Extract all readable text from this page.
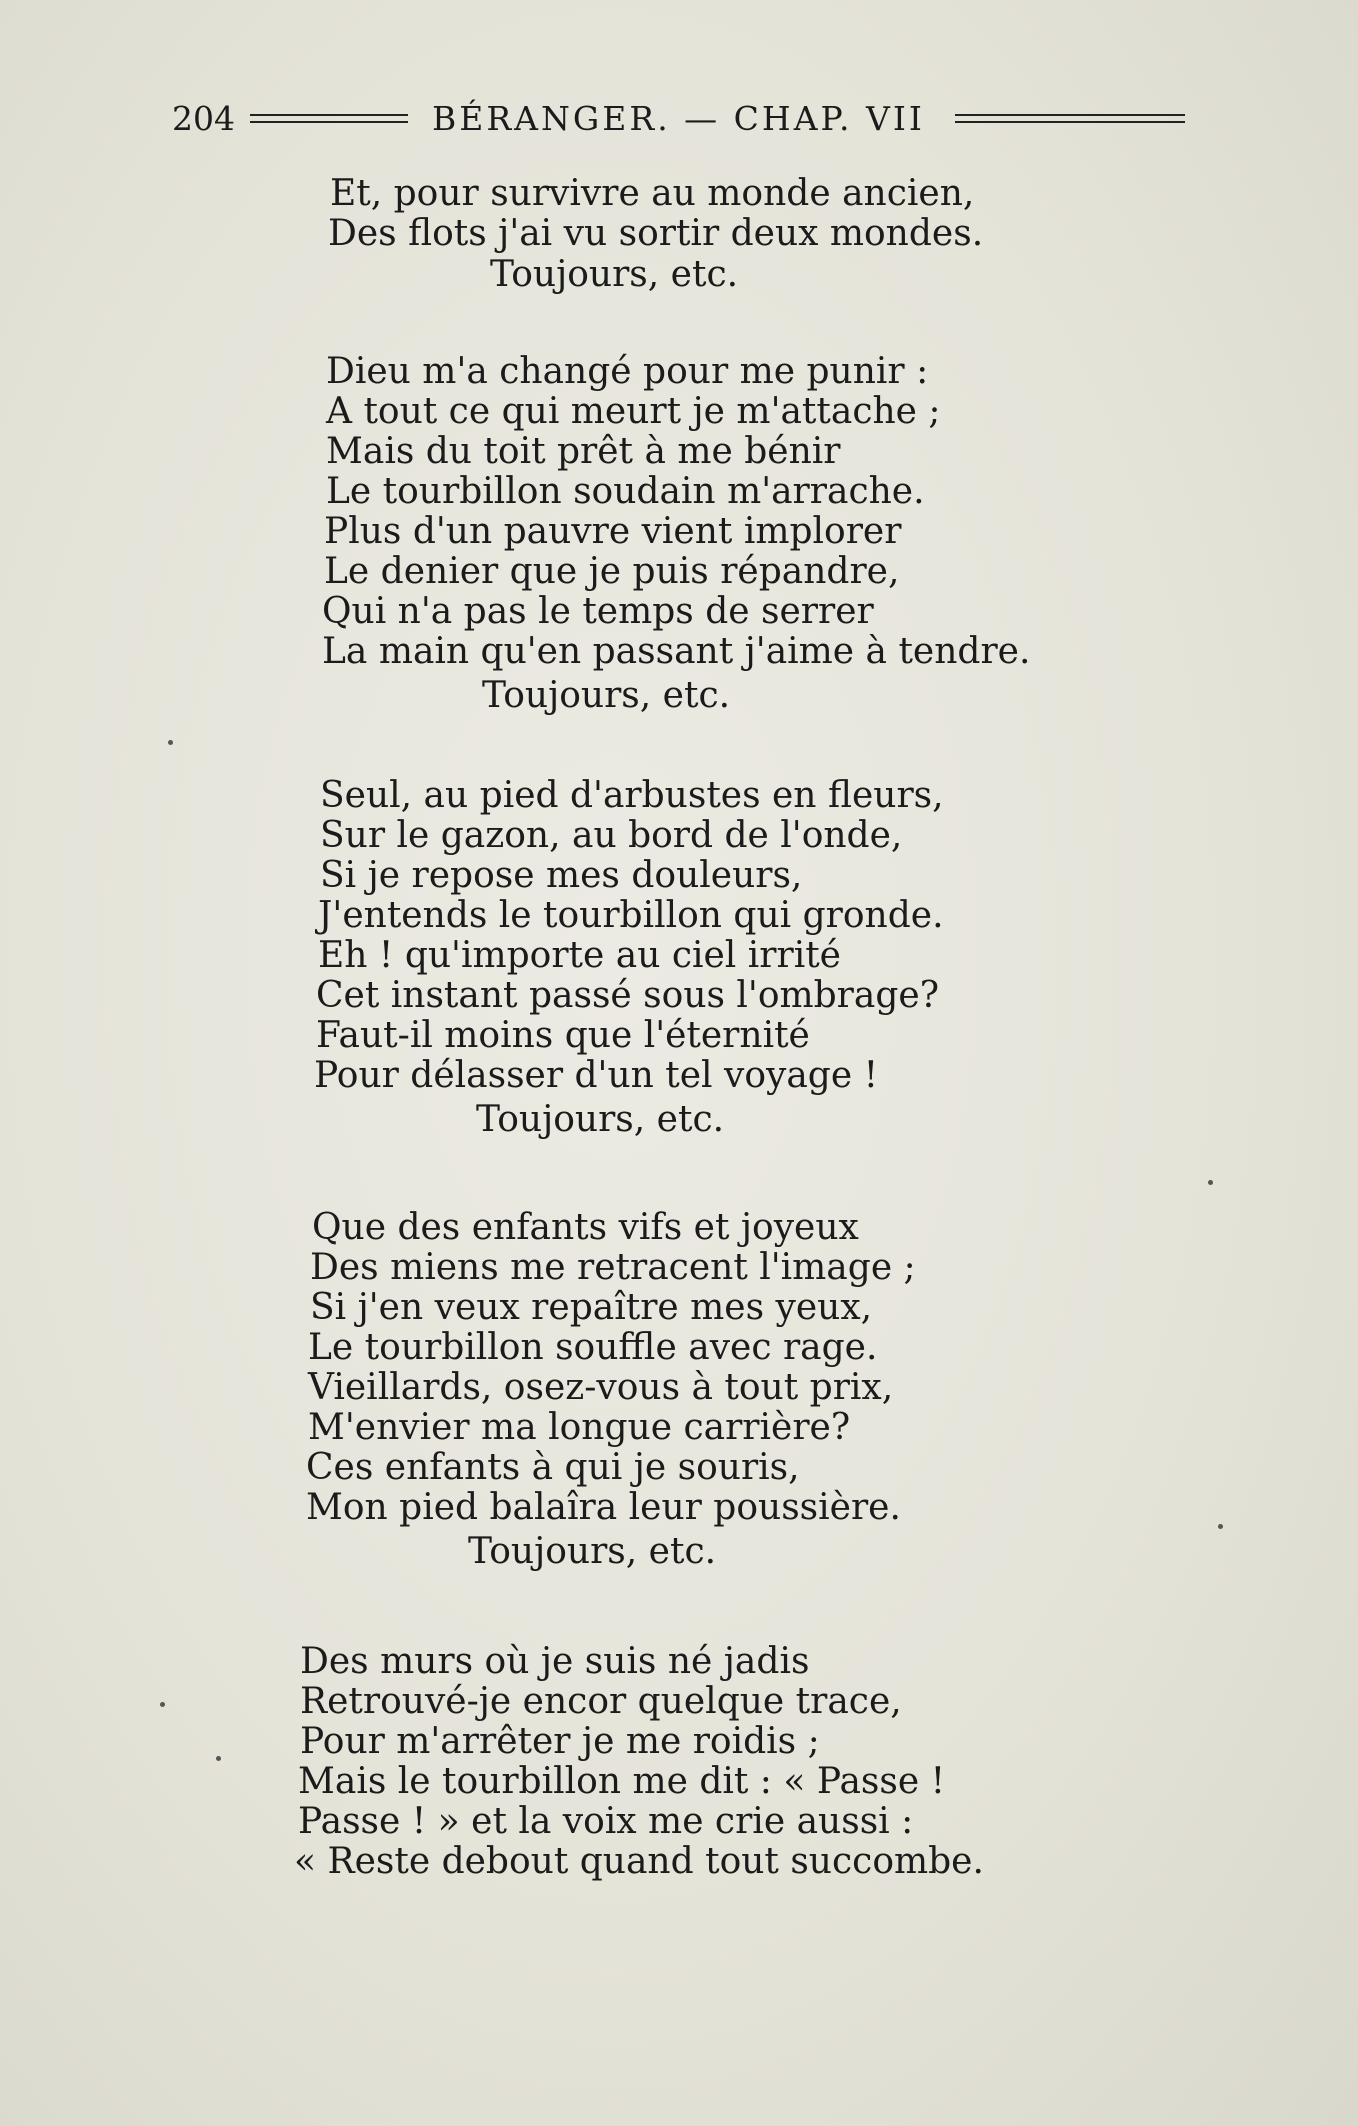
204	BÉRANGER. — CHAP. VII
Et, pour survivre au monde ancien,
Des flots j'ai vu sortir deux mondes.
Toujours, etc.
Dieu m'a changé pour me punir :
A tout ce qui meurt je m'attache ;
Mais du toit prêt à me bénir
Le tourbillon soudain m'arrache.
Plus d'un pauvre vient implorer
Le denier que je puis répandre,
Qui n'a pas le temps de serrer
La main qu'en passant j'aime à tendre.
Toujours, etc.
Seul, au pied d'arbustes en fleurs,
Sur le gazon, au bord de l'onde,
Si je repose mes douleurs,
J'entends le tourbillon qui gronde.
Eh ! qu'importe au ciel irrité
Cet instant passé sous l'ombrage?
Faut-il moins que l'éternité
Pour délasser d'un tel voyage !
Toujours, etc.
Que des enfants vifs et joyeux
Des miens me retracent l'image ;
Si j'en veux repaître mes yeux,
Le tourbillon souffle avec rage.
Vieillards, osez-vous à tout prix,
M'envier ma longue carrière?
Ces enfants à qui je souris,
Mon pied balaîra leur poussière.
Toujours, etc.
Des murs où je suis né jadis
Retrouvé-je encor quelque trace,
Pour m'arrêter je me roidis ;
Mais le tourbillon me dit : « Passe !
Passe ! » et la voix me crie aussi :
« Reste debout quand tout succombe.
